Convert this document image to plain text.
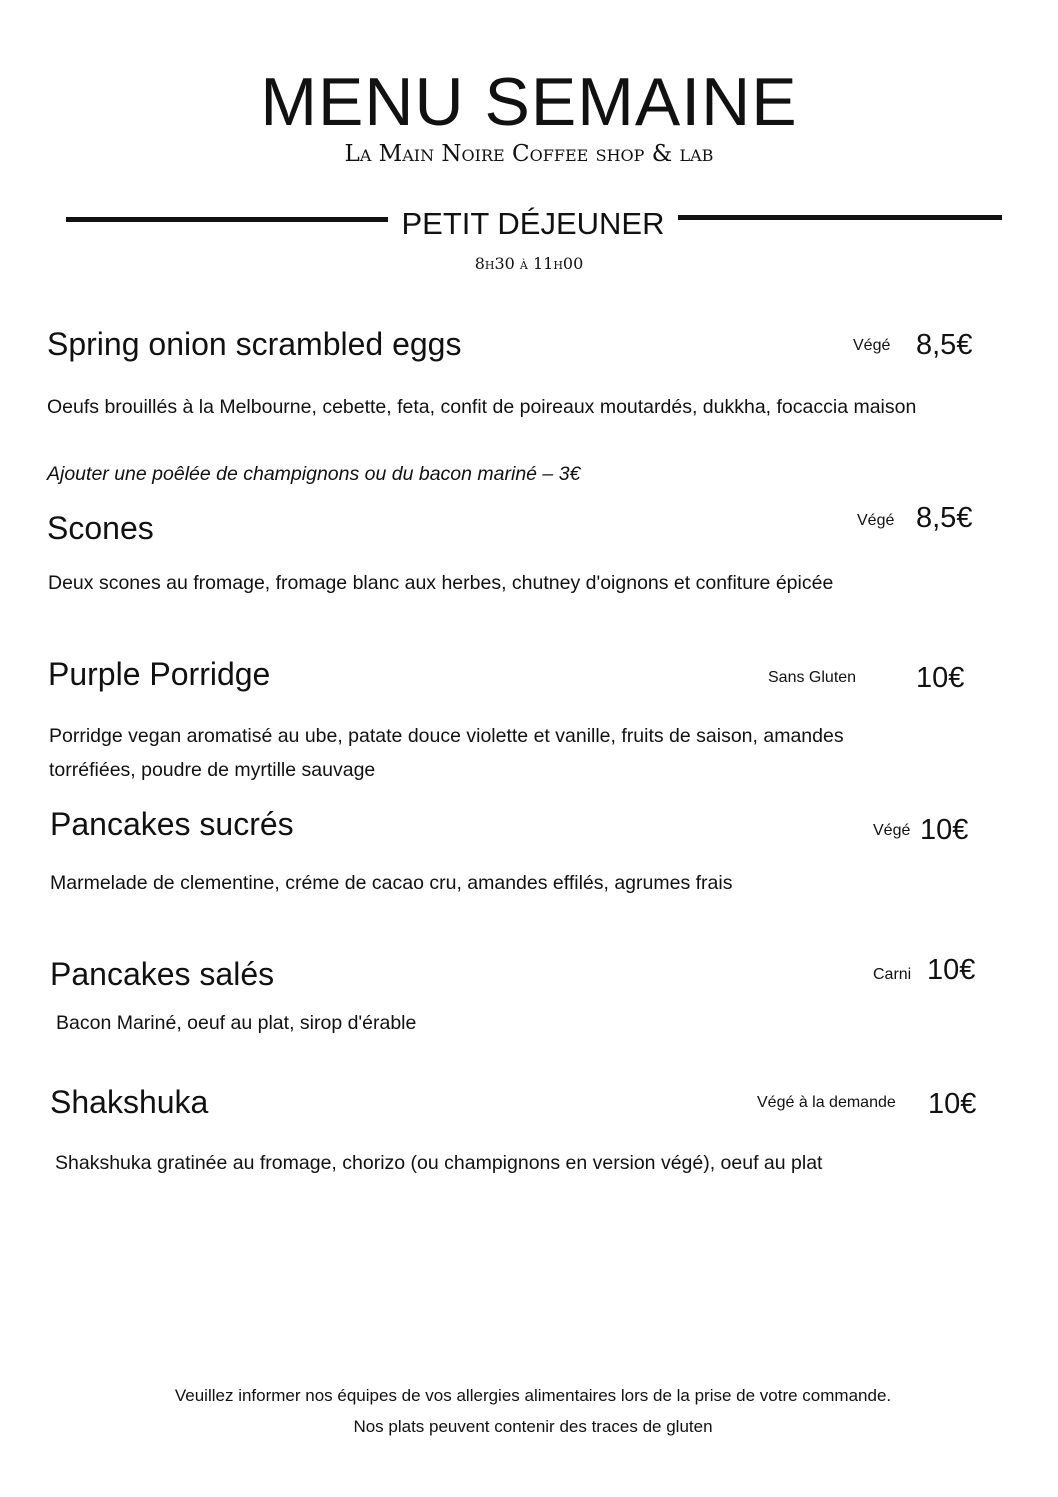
MENU SEMAINE
La Main Noire Coffee shop & lab
PETIT DÉJEUNER
8h30 à 11h00
Spring onion scrambled eggs	Végé 8,5€
Oeufs brouillés à la Melbourne, cebette, feta, confit de poireaux moutardés, dukkha, focaccia maison
Ajouter une poêlée de champignons ou du bacon mariné – 3€
Scones	Végé 8,5€
Deux scones au fromage, fromage blanc aux herbes, chutney d'oignons et confiture épicée
Purple Porridge	Sans Gluten 10€
Porridge vegan aromatisé au ube, patate douce violette et vanille, fruits de saison, amandes torréfiées, poudre de myrtille sauvage
Pancakes sucrés	Végé 10€
Marmelade de clementine, créme de cacao cru, amandes effilés, agrumes frais
Pancakes salés	Carni 10€
Bacon Mariné, oeuf au plat, sirop d'érable
Shakshuka	Végé à la demande 10€
Shakshuka gratinée au fromage, chorizo (ou champignons en version végé), oeuf au plat
Veuillez informer nos équipes de vos allergies alimentaires lors de la prise de votre commande.
Nos plats peuvent contenir des traces de gluten
